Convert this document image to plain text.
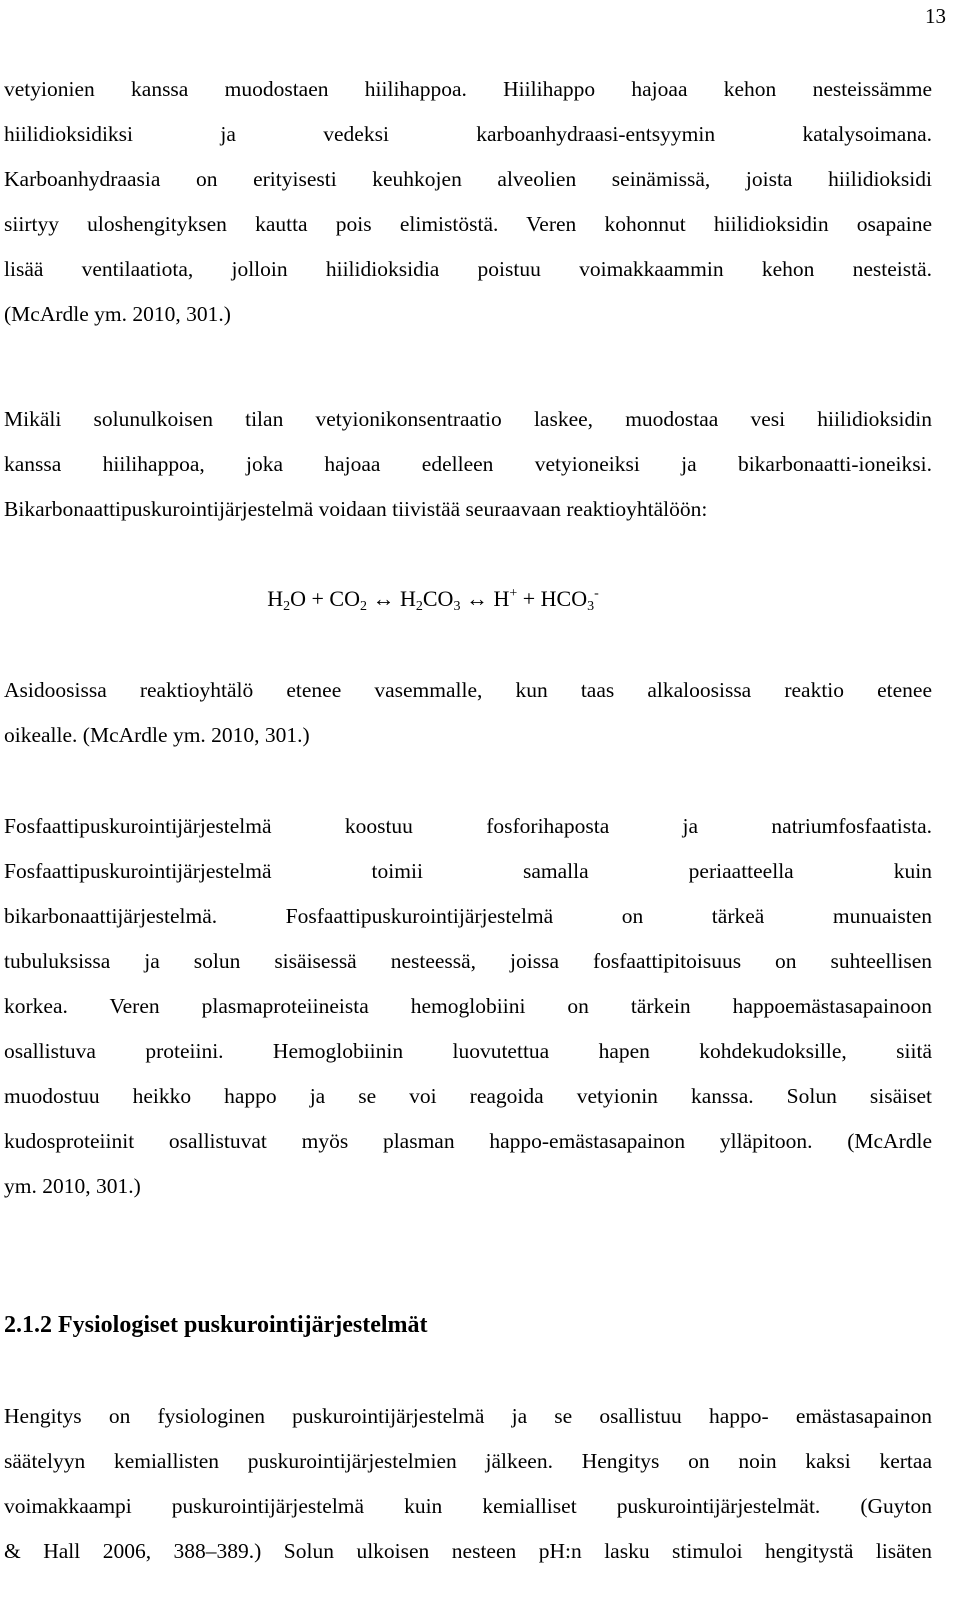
13
vetyionien kanssa muodostaen hiilihappoa. Hiilihappo hajoaa kehon nesteissämme
hiilidioksidiksi ja vedeksi karboanhydraasi-entsyymin katalysoimana.
Karboanhydraasia on erityisesti keuhkojen alveolien seinämissä, joista hiilidioksidi
siirtyy uloshengityksen kautta pois elimistöstä. Veren kohonnut hiilidioksidin osapaine
lisää ventilaatiota, jolloin hiilidioksidia poistuu voimakkaammin kehon nesteistä.
(McArdle ym. 2010, 301.)
Mikäli solunulkoisen tilan vetyionikonsentraatio laskee, muodostaa vesi hiilidioksidin
kanssa hiilihappoa, joka hajoaa edelleen vetyioneiksi ja bikarbonaatti-ioneiksi.
Bikarbonaattipuskurointijärjestelmä voidaan tiivistää seuraavaan reaktioyhtälöön:
$H_2O + CO_2$ ↔ $H_2CO_3$ ↔ $H^+ + HCO_3^-$
Asidoosissa reaktioyhtälö etenee vasemmalle, kun taas alkaloosissa reaktio etenee
oikealle. (McArdle ym. 2010, 301.)
Fosfaattipuskurointijärjestelmä koostuu fosforihaposta ja natriumfosfaatista.
Fosfaattipuskurointijärjestelmä toimii samalla periaatteella kuin
bikarbonaattijärjestelmä. Fosfaattipuskurointijärjestelmä on tärkeä munuaisten
tubuluksissa ja solun sisäisessä nesteessä, joissa fosfaattipitoisuus on suhteellisen
korkea. Veren plasmaproteiineista hemoglobiini on tärkein happoemästasapainoon
osallistuva proteiini. Hemoglobiinin luovutettua hapen kohdekudoksille, siitä
muodostuu heikko happo ja se voi reagoida vetyionin kanssa. Solun sisäiset
kudosproteiinit osallistuvat myös plasman happo-emästasapainon ylläpitoon. (McArdle
ym. 2010, 301.)
2.1.2 Fysiologiset puskurointijärjestelmät
Hengitys on fysiologinen puskurointijärjestelmä ja se osallistuu happo- emästasapainon
säätelyyn kemiallisten puskurointijärjestelmien jälkeen. Hengitys on noin kaksi kertaa
voimakkaampi puskurointijärjestelmä kuin kemialliset puskurointijärjestelmät. (Guyton
& Hall 2006, 388–389.) Solun ulkoisen nesteen pH:n lasku stimuloi hengitystä lisäten
